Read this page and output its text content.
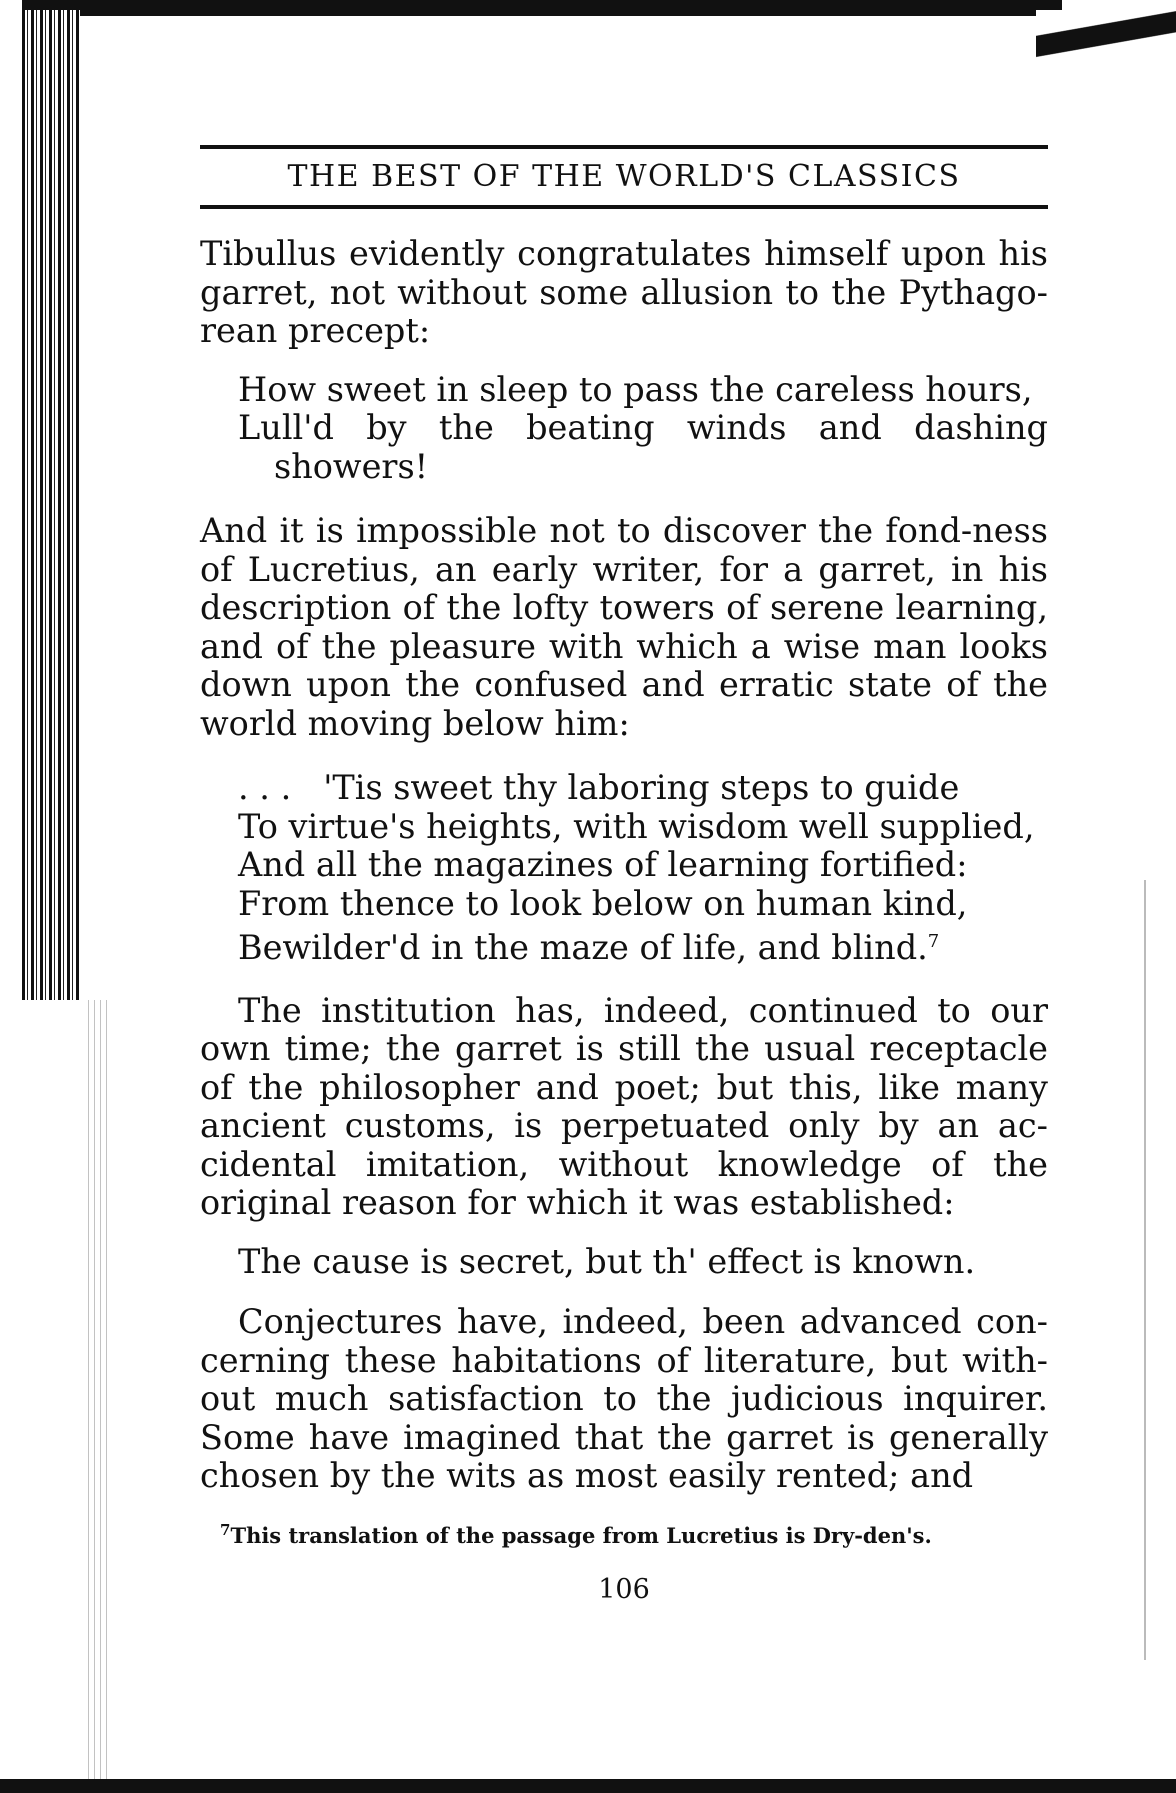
THE BEST OF THE WORLD'S CLASSICS

Tibullus evidently congratulates himself upon his garret, not without some allusion to the Pythago-rean precept:

How sweet in sleep to pass the careless hours,
Lull'd by the beating winds and dashing
showers!

And it is impossible not to discover the fond-ness of Lucretius, an early writer, for a garret, in his description of the lofty towers of serene learning, and of the pleasure with which a wise man looks down upon the confused and erratic state of the world moving below him:

. . .   'Tis sweet thy laboring steps to guide
To virtue's heights, with wisdom well supplied,
And all the magazines of learning fortified:
From thence to look below on human kind,
Bewilder'd in the maze of life, and blind.$^7$

The institution has, indeed, continued to our own time; the garret is still the usual receptacle of the philosopher and poet; but this, like many ancient customs, is perpetuated only by an ac-cidental imitation, without knowledge of the original reason for which it was established:

The cause is secret, but th' effect is known.

Conjectures have, indeed, been advanced con-cerning these habitations of literature, but with-out much satisfaction to the judicious inquirer. Some have imagined that the garret is generally chosen by the wits as most easily rented; and

$^7$This translation of the passage from Lucretius is Dry-den's.
106
